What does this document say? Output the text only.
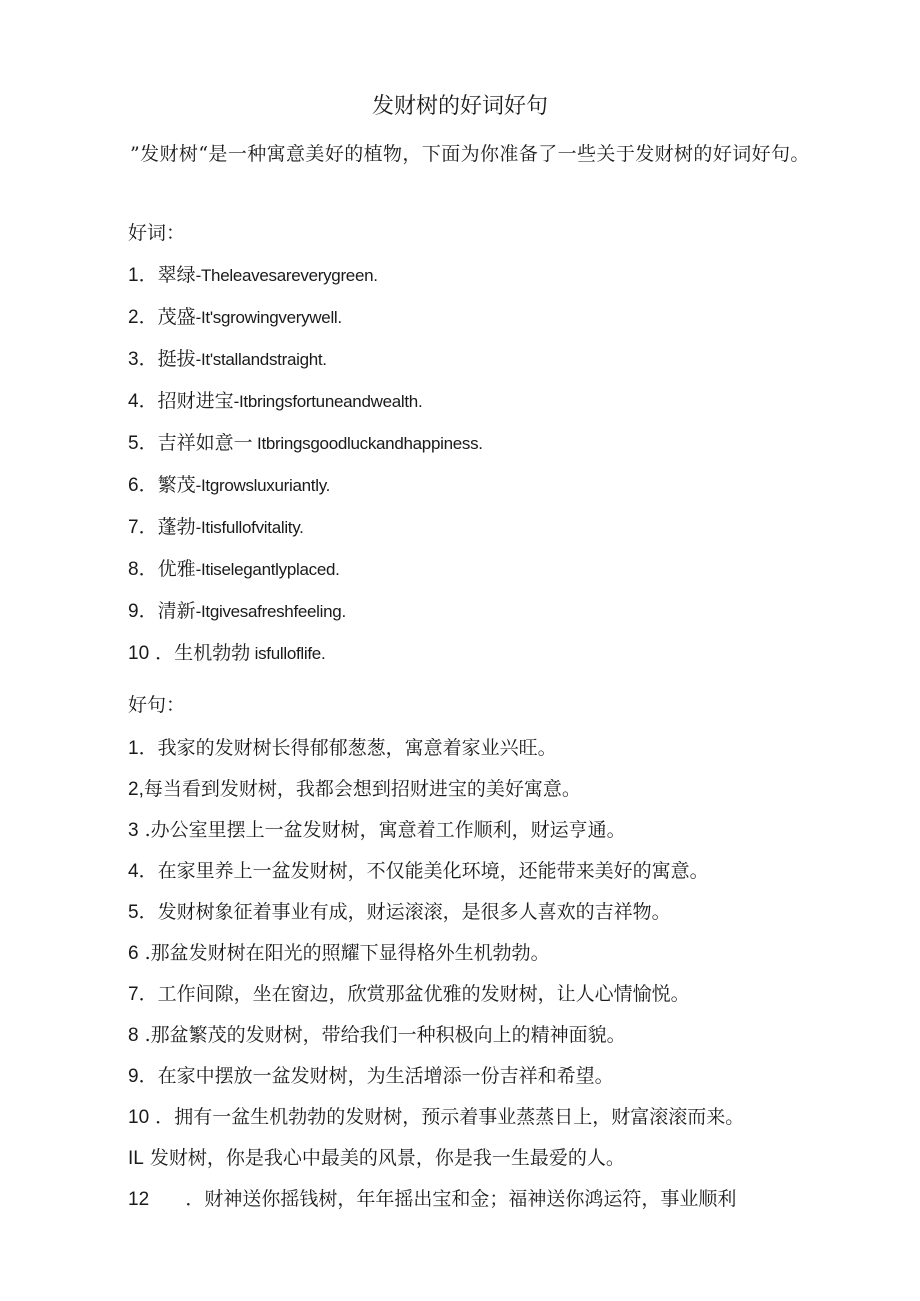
发财树的好词好句
”发财树“是一种寓意美好的植物，下面为你准备了一些关于发财树的好词好句。
好词：
1．翠绿-Theleavesareverygreen.
2．茂盛-It'sgrowingverywell.
3．挺拔-It'stallandstraight.
4．招财进宝-Itbringsfortuneandwealth.
5．吉祥如意一 Itbringsgoodluckandhappiness.
6．繁茂-Itgrowsluxuriantly.
7．蓬勃-Itisfullofvitality.
8．优雅-Itiselegantlyplaced.
9．清新-Itgivesafreshfeeling.
10 ．生机勃勃 isfulloflife.
好句：
1．我家的发财树长得郁郁葱葱，寓意着家业兴旺。
2,每当看到发财树，我都会想到招财进宝的美好寓意。
3 .办公室里摆上一盆发财树，寓意着工作顺利，财运亨通。
4．在家里养上一盆发财树，不仅能美化环境，还能带来美好的寓意。
5．发财树象征着事业有成，财运滚滚，是很多人喜欢的吉祥物。
6 .那盆发财树在阳光的照耀下显得格外生机勃勃。
7．工作间隙，坐在窗边，欣赏那盆优雅的发财树，让人心情愉悦。
8 .那盆繁茂的发财树，带给我们一种积极向上的精神面貌。
9．在家中摆放一盆发财树，为生活增添一份吉祥和希望。
10 ．拥有一盆生机勃勃的发财树，预示着事业蒸蒸日上，财富滚滚而来。
IL 发财树，你是我心中最美的风景，你是我一生最爱的人。
12      ．财神送你摇钱树，年年摇出宝和金；福神送你鸿运符，事业顺利
